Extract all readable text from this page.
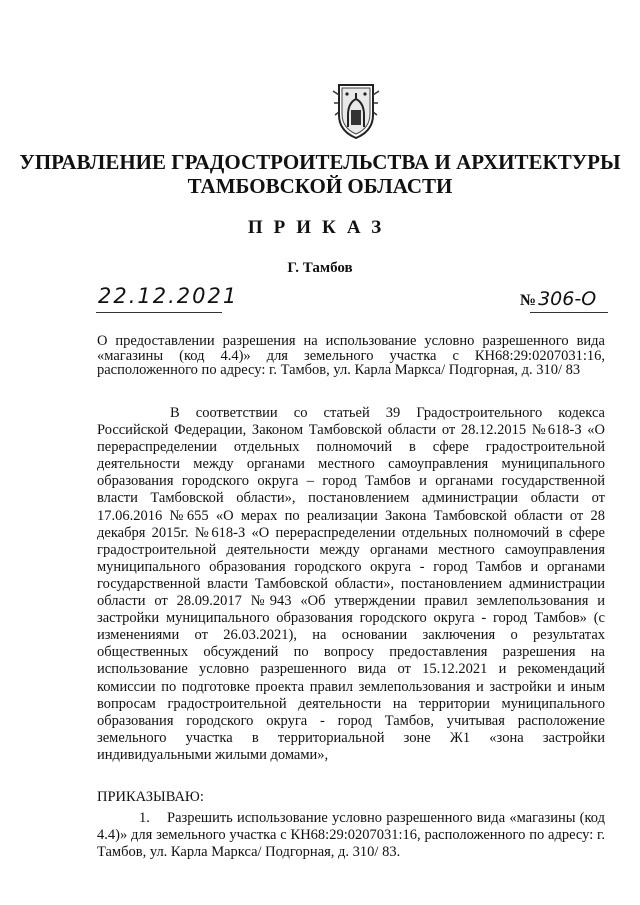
УПРАВЛЕНИЕ ГРАДОСТРОИТЕЛЬСТВА И АРХИТЕКТУРЫ ТАМБОВСКОЙ ОБЛАСТИ
ПРИКАЗ
Г. Тамбов
22.12.2021	№ 306-О
О предоставлении разрешения на использование условно разрешенного вида «магазины (код 4.4)» для земельного участка с КН68:29:0207031:16, расположенного по адресу: г. Тамбов, ул. Карла Маркса/ Подгорная, д. 310/ 83
В соответствии со статьей 39 Градостроительного кодекса Российской Федерации, Законом Тамбовской области от 28.12.2015 №618-З «О перераспределении отдельных полномочий в сфере градостроительной деятельности между органами местного самоуправления муниципального образования городского округа – город Тамбов и органами государственной власти Тамбовской области», постановлением администрации области от 17.06.2016 №655 «О мерах по реализации Закона Тамбовской области от 28 декабря 2015г. №618-З «О перераспределении отдельных полномочий в сфере градостроительной деятельности между органами местного самоуправления муниципального образования городского округа - город Тамбов и органами государственной власти Тамбовской области», постановлением администрации области от 28.09.2017 №943 «Об утверждении правил землепользования и застройки муниципального образования городского округа - город Тамбов» (с изменениями от 26.03.2021), на основании заключения о результатах общественных обсуждений по вопросу предоставления разрешения на использование условно разрешенного вида от 15.12.2021 и рекомендаций комиссии по подготовке проекта правил землепользования и застройки и иным вопросам градостроительной деятельности на территории муниципального образования городского округа - город Тамбов, учитывая расположение земельного участка в территориальной зоне Ж1 «зона застройки индивидуальными жилыми домами»,
ПРИКАЗЫВАЮ:
1. Разрешить использование условно разрешенного вида «магазины (код 4.4)» для земельного участка с КН68:29:0207031:16, расположенного по адресу: г. Тамбов, ул. Карла Маркса/ Подгорная, д. 310/ 83.
